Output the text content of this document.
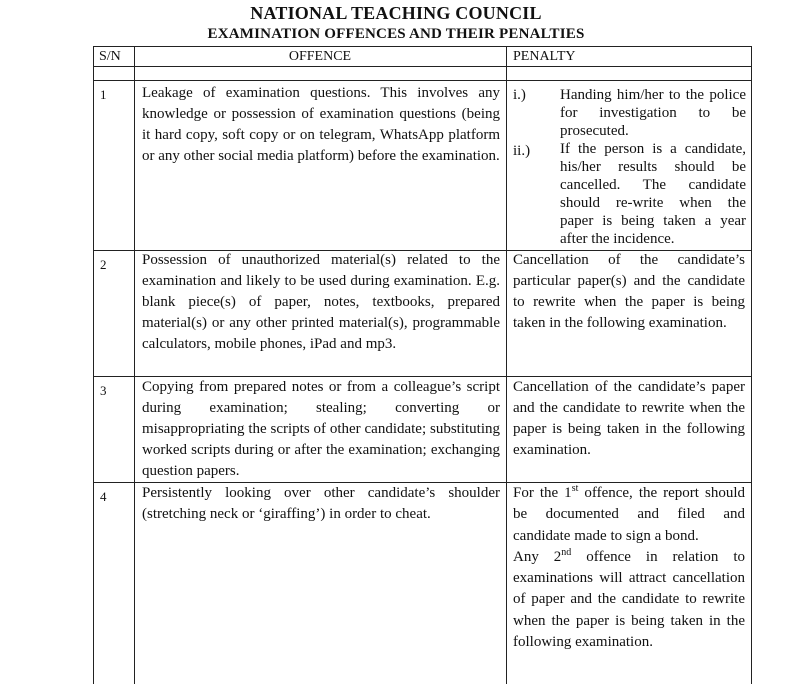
NATIONAL TEACHING COUNCIL
EXAMINATION OFFENCES AND THEIR PENALTIES
S/N	OFFENCE	PENALTY
1 Leakage of examination questions. This involves any knowledge or possession of examination questions (being it hard copy, soft copy or on telegram, WhatsApp platform or any other social media platform) before the examination.
i.) Handing him/her to the police for investigation to be prosecuted.
ii.) If the person is a candidate, his/her results should be cancelled. The candidate should re-write when the paper is being taken a year after the incidence.
2 Possession of unauthorized material(s) related to the examination and likely to be used during examination. E.g. blank piece(s) of paper, notes, textbooks, prepared material(s) or any other printed material(s), programmable calculators, mobile phones, iPad and mp3.
Cancellation of the candidate’s particular paper(s) and the candidate to rewrite when the paper is being taken in the following examination.
3 Copying from prepared notes or from a colleague’s script during examination; stealing; converting or misappropriating the scripts of other candidate; substituting worked scripts during or after the examination; exchanging question papers.
Cancellation of the candidate’s paper and the candidate to rewrite when the paper is being taken in the following examination.
4 Persistently looking over other candidate’s shoulder (stretching neck or ‘giraffing’) in order to cheat.
For the 1st offence, the report should be documented and filed and candidate made to sign a bond.
Any 2nd offence in relation to examinations will attract cancellation of paper and the candidate to rewrite when the paper is being taken in the following examination.
